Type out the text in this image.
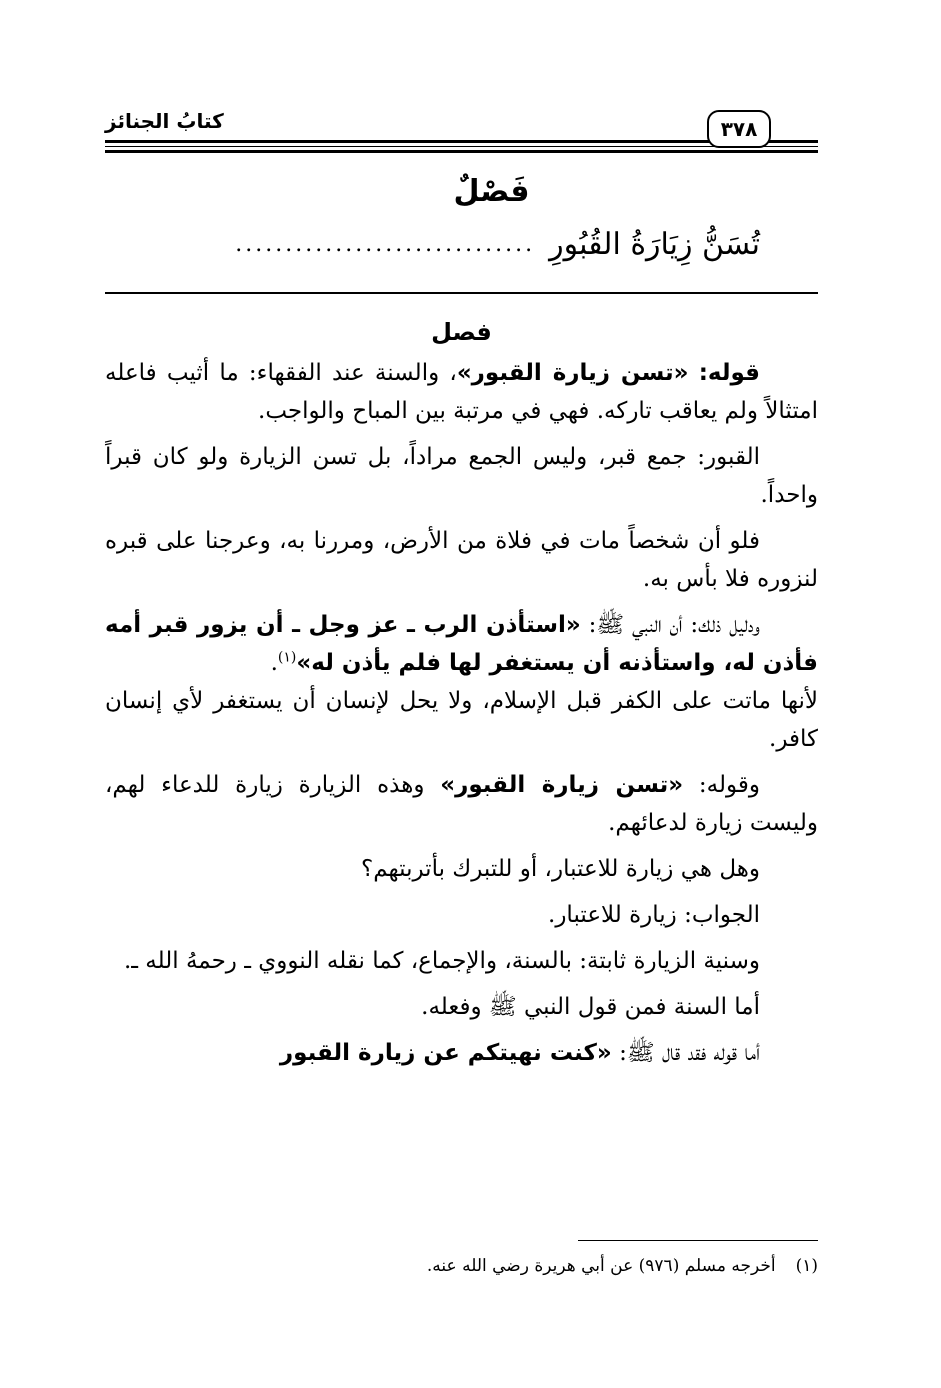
٣٧٨
كتابُ الجنائز
فَصْلٌ
تُسَنُّ زِيَارَةُ القُبُورِ
..............................
فصل

قوله: «تسن زيارة القبور»، والسنة عند الفقهاء: ما أثيب فاعله امتثالاً ولم يعاقب تاركه. فهي في مرتبة بين المباح والواجب.

القبور: جمع قبر، وليس الجمع مراداً، بل تسن الزيارة ولو كان قبراً واحداً.

فلو أن شخصاً مات في فلاة من الأرض، ومررنا به، وعرجنا على قبره لنزوره فلا بأس به.

ودليل ذلك: أن النبي ﷺ: «استأذن الرب ـ عز وجل ـ أن يزور قبر أمه فأذن له، واستأذنه أن يستغفر لها فلم يأذن له»$^{(١)}$.

لأنها ماتت على الكفر قبل الإسلام، ولا يحل لإنسان أن يستغفر لأي إنسان كافر.

وقوله: «تسن زيارة القبور» وهذه الزيارة زيارة للدعاء لهم، وليست زيارة لدعائهم.

وهل هي زيارة للاعتبار، أو للتبرك بأتربتهم؟

الجواب: زيارة للاعتبار.

وسنية الزيارة ثابتة: بالسنة، والإجماع، كما نقله النووي ـ رحمهُ الله ـ.

أما السنة فمن قول النبي ﷺ وفعله.

أما قوله فقد قال ﷺ: «كنت نهيتكم عن زيارة القبور

(١)
أخرجه مسلم (٩٧٦) عن أبي هريرة رضي الله عنه.
